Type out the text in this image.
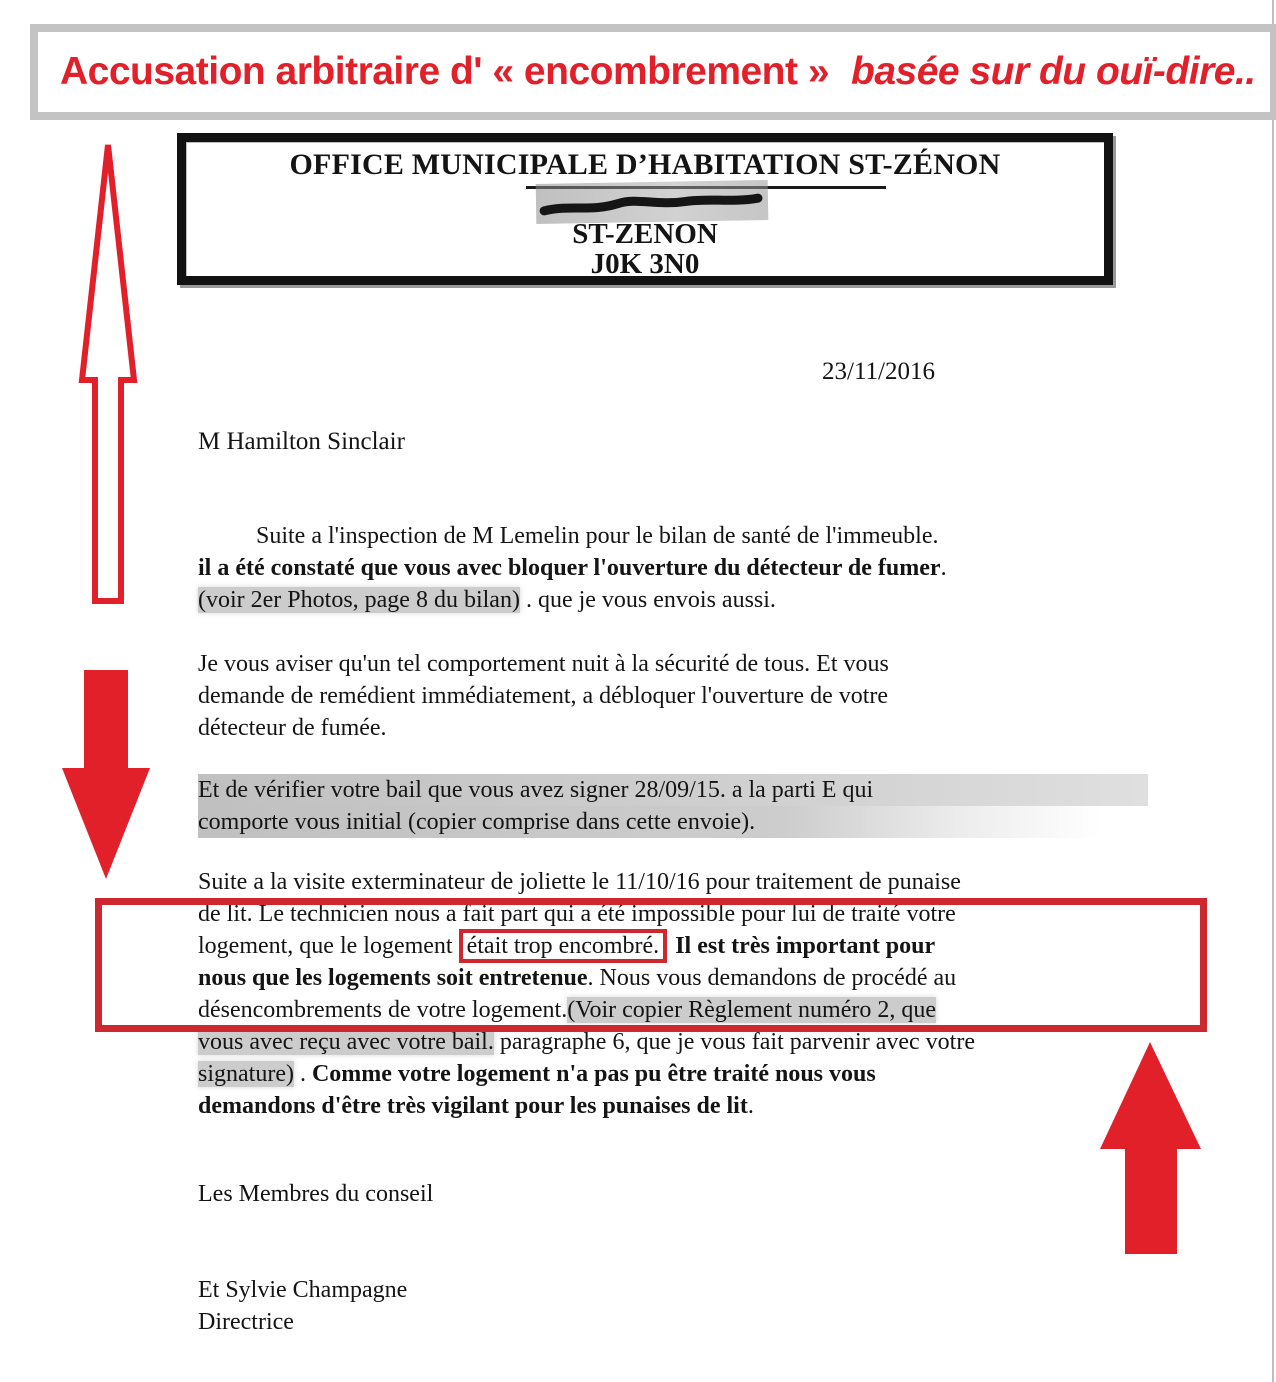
Accusation arbitraire d' « encombrement » basée sur du ouï-dire..
OFFICE MUNICIPALE D’HABITATION ST-ZÉNON
ST-ZENON
J0K 3N0
23/11/2016
M Hamilton Sinclair
Suite a l'inspection de M Lemelin pour le bilan de santé de l'immeuble.
il a été constaté que vous avec bloquer l'ouverture du détecteur de fumer.
(voir 2er Photos, page 8 du bilan) . que je vous envois aussi.
Je vous aviser qu'un tel comportement nuit à la sécurité de tous. Et vous
demande de remédient immédiatement, a débloquer l'ouverture de votre
détecteur de fumée.
Et de vérifier votre bail que vous avez signer 28/09/15. a la parti E qui
comporte vous initial (copier comprise dans cette envoie).
Suite a la visite exterminateur de joliette le 11/10/16 pour traitement de punaise
de lit. Le technicien nous a fait part qui a été impossible pour lui de traité votre
logement, que le logement était trop encombré. Il est très important pour
nous que les logements soit entretenue. Nous vous demandons de procédé au
désencombrements de votre logement.(Voir copier Règlement numéro 2, que
vous avec reçu avec votre bail. paragraphe 6, que je vous fait parvenir avec votre
signature) . Comme votre logement n'a pas pu être traité nous vous
demandons d'être très vigilant pour les punaises de lit.
Les Membres du conseil
Et Sylvie Champagne
Directrice
